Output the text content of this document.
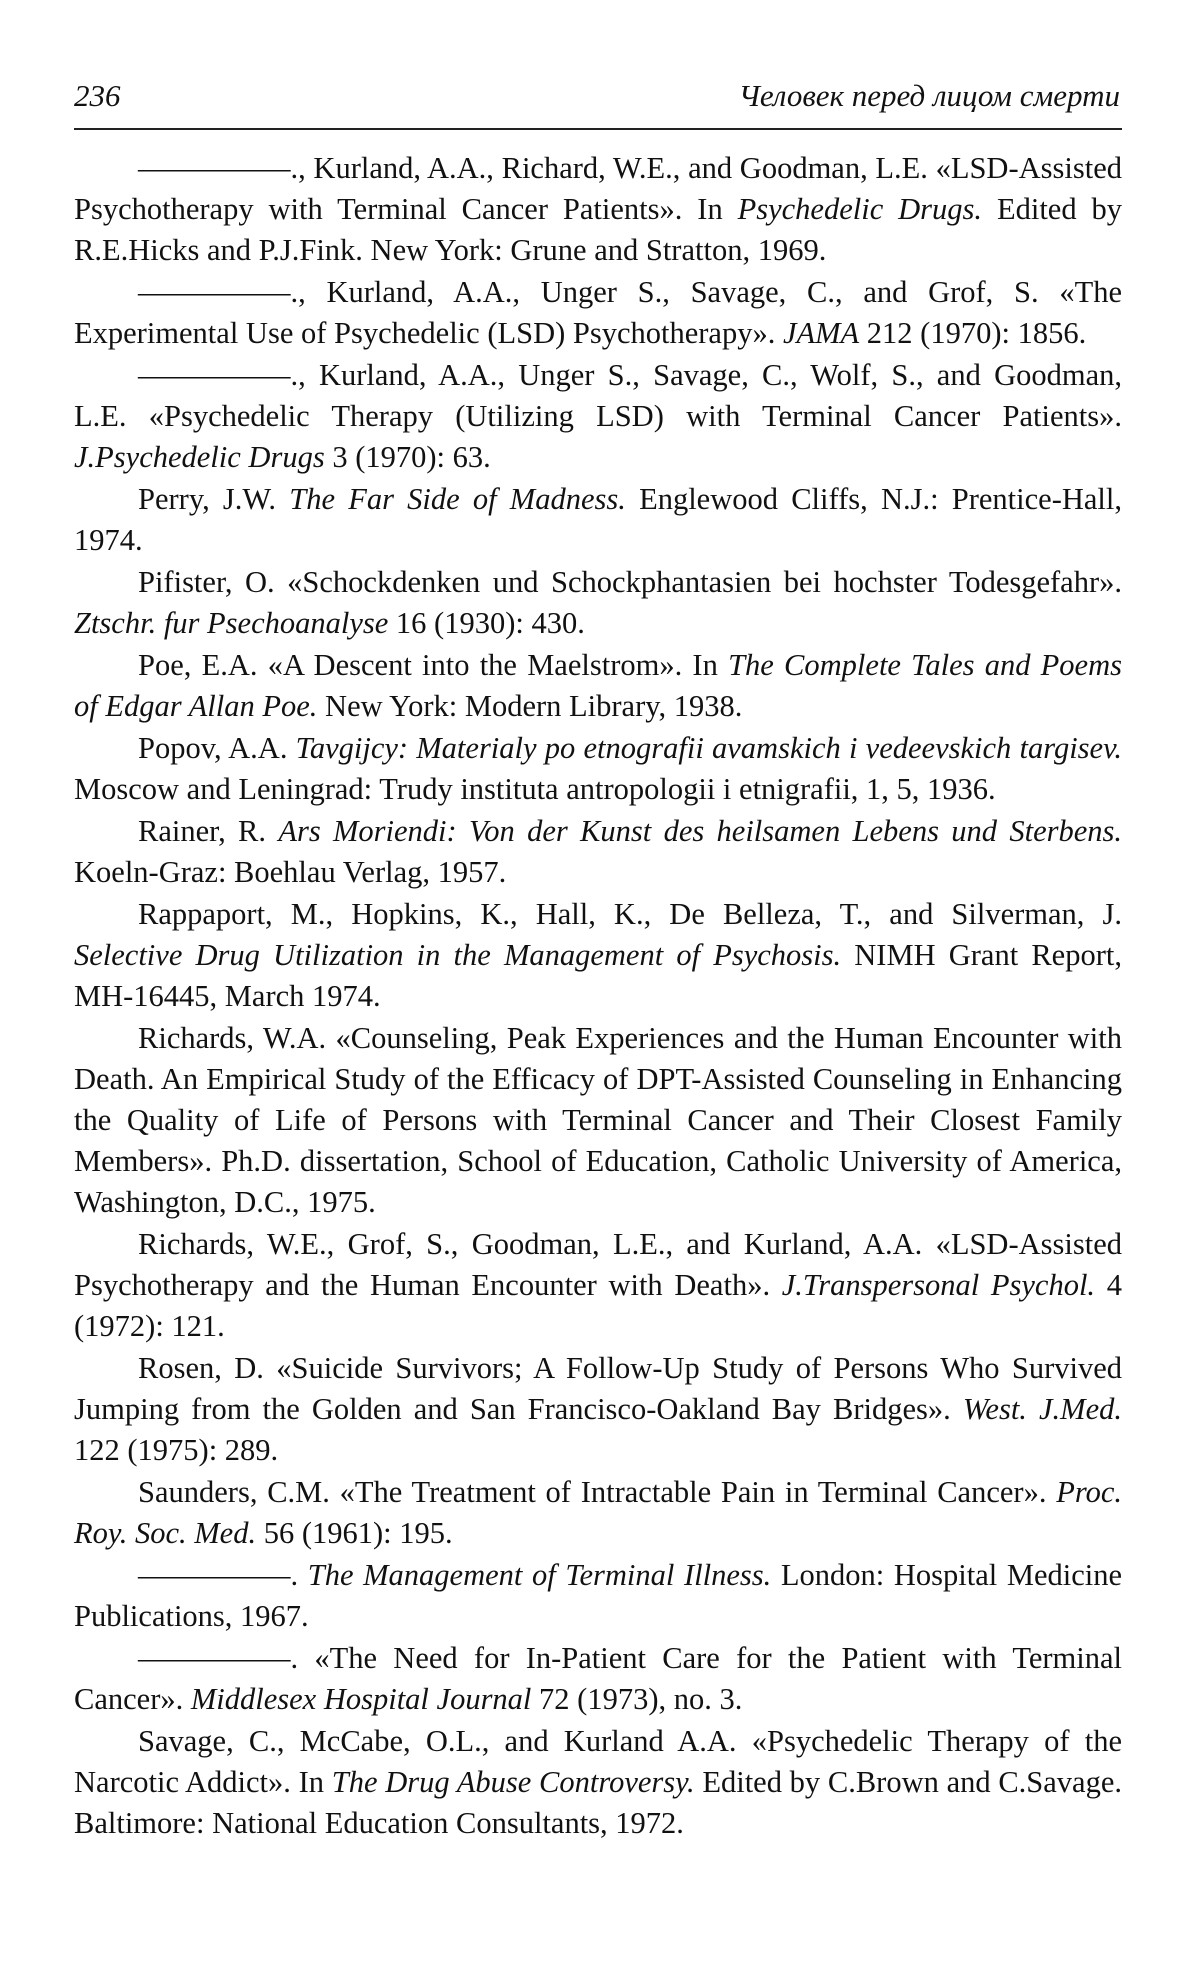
236	Человек перед лицом смерти

—————., Kurland, A.A., Richard, W.E., and Goodman, L.E. «LSD-Assisted Psychotherapy with Terminal Cancer Patients». In Psychedelic Drugs. Edited by R.E.Hicks and P.J.Fink. New York: Grune and Stratton, 1969.

—————., Kurland, A.A., Unger S., Savage, C., and Grof, S. «The Experimental Use of Psychedelic (LSD) Psychotherapy». JAMA 212 (1970): 1856.

—————., Kurland, A.A., Unger S., Savage, C., Wolf, S., and Goodman, L.E. «Psychedelic Therapy (Utilizing LSD) with Terminal Cancer Patients». J.Psychedelic Drugs 3 (1970): 63.

Perry, J.W. The Far Side of Madness. Englewood Cliffs, N.J.: Prentice-Hall, 1974.

Pifister, O. «Schockdenken und Schockphantasien bei hochster Todesgefahr». Ztschr. fur Psechoanalyse 16 (1930): 430.

Poe, E.A. «A Descent into the Maelstrom». In The Complete Tales and Poems of Edgar Allan Poe. New York: Modern Library, 1938.

Popov, A.A. Tavgijcy: Materialy po etnografii avamskich i vedeevskich targisev. Moscow and Leningrad: Trudy instituta antropologii i etnigrafii, 1, 5, 1936.

Rainer, R. Ars Moriendi: Von der Kunst des heilsamen Lebens und Sterbens. Koeln-Graz: Boehlau Verlag, 1957.

Rappaport, M., Hopkins, K., Hall, K., De Belleza, T., and Silverman, J. Selective Drug Utilization in the Management of Psychosis. NIMH Grant Report, MH-16445, March 1974.

Richards, W.A. «Counseling, Peak Experiences and the Human Encounter with Death. An Empirical Study of the Efficacy of DPT-Assisted Counseling in Enhancing the Quality of Life of Persons with Terminal Cancer and Their Closest Family Members». Ph.D. dissertation, School of Education, Catholic University of America, Washington, D.C., 1975.

Richards, W.E., Grof, S., Goodman, L.E., and Kurland, A.A. «LSD-Assisted Psychotherapy and the Human Encounter with Death». J.Transpersonal Psychol. 4 (1972): 121.

Rosen, D. «Suicide Survivors; A Follow-Up Study of Persons Who Survived Jumping from the Golden and San Francisco-Oakland Bay Bridges». West. J.Med. 122 (1975): 289.

Saunders, C.M. «The Treatment of Intractable Pain in Terminal Cancer». Proc. Roy. Soc. Med. 56 (1961): 195.

—————. The Management of Terminal Illness. London: Hospital Medicine Publications, 1967.

—————. «The Need for In-Patient Care for the Patient with Terminal Cancer». Middlesex Hospital Journal 72 (1973), no. 3.

Savage, C., McCabe, O.L., and Kurland A.A. «Psychedelic Therapy of the Narcotic Addict». In The Drug Abuse Controversy. Edited by C.Brown and C.Savage. Baltimore: National Education Consultants, 1972.
